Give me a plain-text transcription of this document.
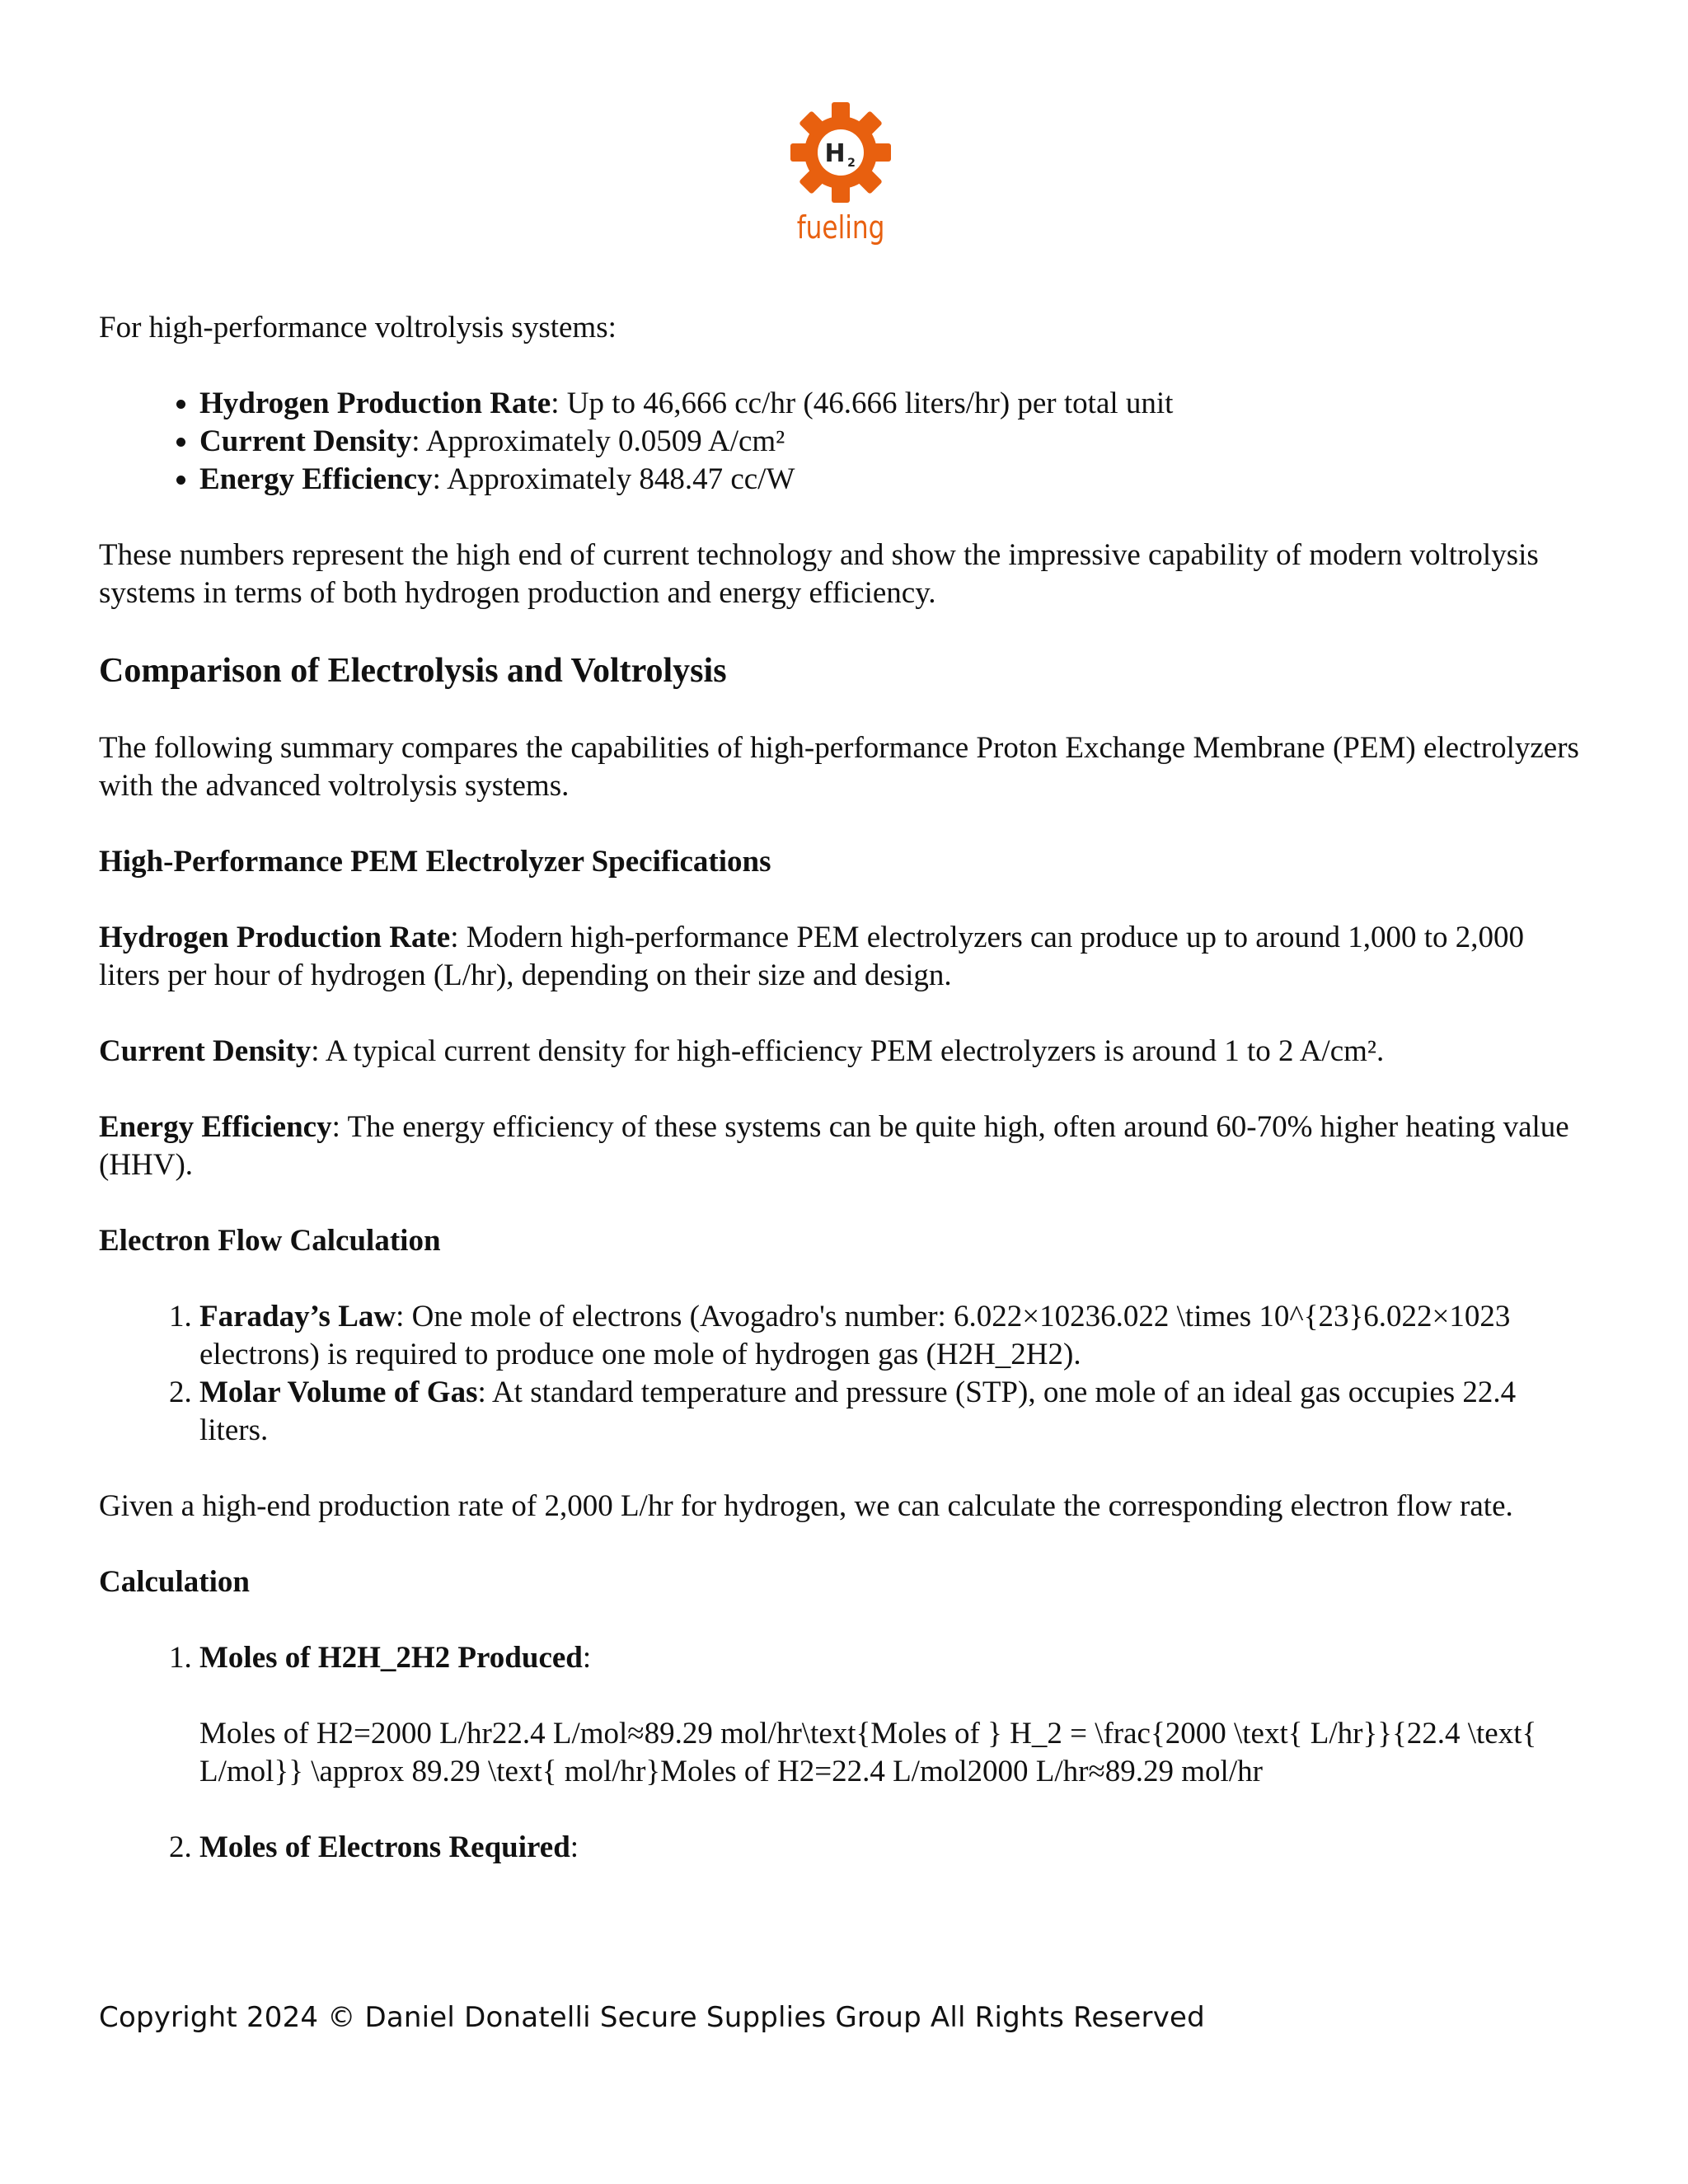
H 2
fueling

For high-performance voltrolysis systems:

• Hydrogen Production Rate: Up to 46,666 cc/hr (46.666 liters/hr) per total unit
• Current Density: Approximately 0.0509 A/cm²
• Energy Efficiency: Approximately 848.47 cc/W

These numbers represent the high end of current technology and show the impressive capability of modern voltrolysis systems in terms of both hydrogen production and energy efficiency.

Comparison of Electrolysis and Voltrolysis

The following summary compares the capabilities of high-performance Proton Exchange Membrane (PEM) electrolyzers with the advanced voltrolysis systems.

High-Performance PEM Electrolyzer Specifications

Hydrogen Production Rate: Modern high-performance PEM electrolyzers can produce up to around 1,000 to 2,000 liters per hour of hydrogen (L/hr), depending on their size and design.

Current Density: A typical current density for high-efficiency PEM electrolyzers is around 1 to 2 A/cm².

Energy Efficiency: The energy efficiency of these systems can be quite high, often around 60-70% higher heating value (HHV).

Electron Flow Calculation
1. Faraday’s Law: One mole of electrons (Avogadro's number: 6.022×10236.022 \times 10^{23}6.022×1023 electrons) is required to produce one mole of hydrogen gas (H2H_2H2).
2. Molar Volume of Gas: At standard temperature and pressure (STP), one mole of an ideal gas occupies 22.4 liters.

Given a high-end production rate of 2,000 L/hr for hydrogen, we can calculate the corresponding electron flow rate.

Calculation
1. Moles of H2H_2H2 Produced:

Moles of H2=2000 L/hr22.4 L/mol≈89.29 mol/hr\text{Moles of } H_2 = \frac{2000 \text{ L/hr}}{22.4 \text{ L/mol}} \approx 89.29 \text{ mol/hr}Moles of H2=22.4 L/mol2000 L/hr≈89.29 mol/hr

2. Moles of Electrons Required:
Copyright 2024 © Daniel Donatelli Secure Supplies Group All Rights Reserved
